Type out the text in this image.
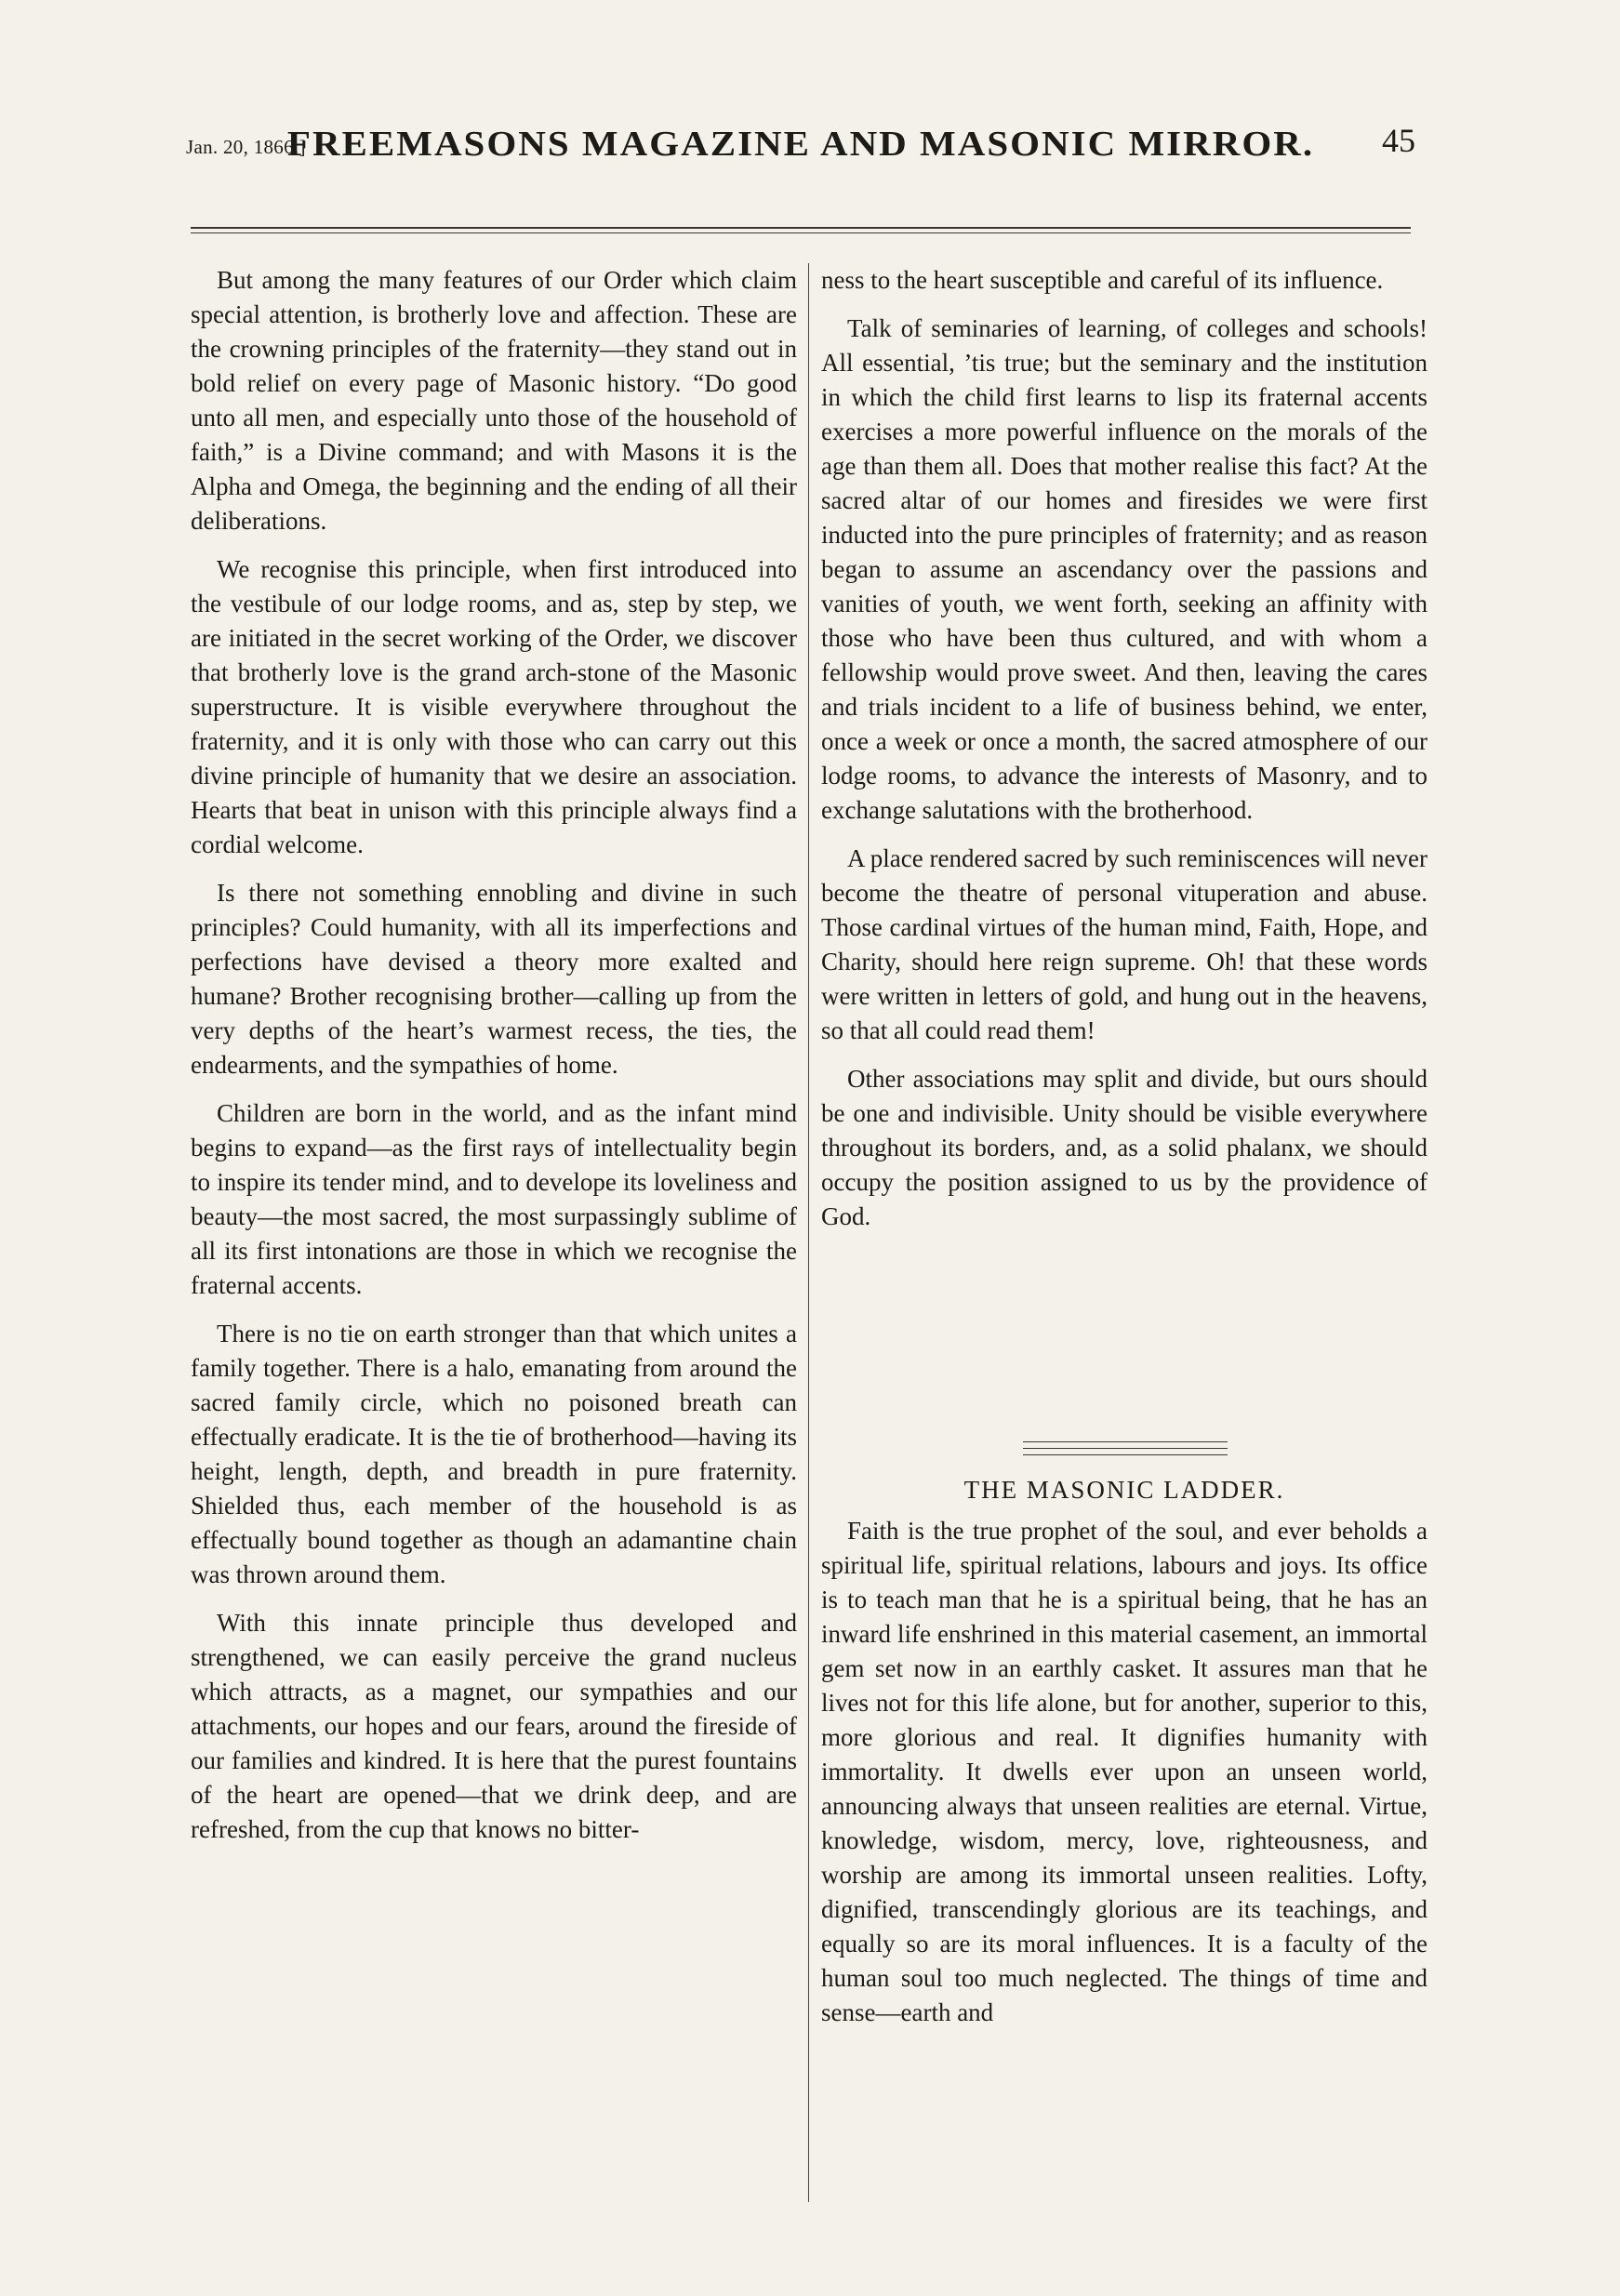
Jan. 20, 1866.]
FREEMASONS MAGAZINE AND MASONIC MIRROR.	45

But among the many features of our Order which claim special attention, is brotherly love and affection. These are the crowning principles of the fraternity—they stand out in bold relief on every page of Masonic history. “Do good unto all men, and especially unto those of the household of faith,” is a Divine command; and with Masons it is the Alpha and Omega, the beginning and the ending of all their deliberations.

We recognise this principle, when first introduced into the vestibule of our lodge rooms, and as, step by step, we are initiated in the secret working of the Order, we discover that brotherly love is the grand arch-stone of the Masonic superstructure. It is visible everywhere throughout the fraternity, and it is only with those who can carry out this divine principle of humanity that we desire an association. Hearts that beat in unison with this principle always find a cordial welcome.

Is there not something ennobling and divine in such principles? Could humanity, with all its imperfections and perfections have devised a theory more exalted and humane? Brother recognising brother—calling up from the very depths of the heart’s warmest recess, the ties, the endearments, and the sympathies of home.

Children are born in the world, and as the infant mind begins to expand—as the first rays of intellectuality begin to inspire its tender mind, and to develope its loveliness and beauty—the most sacred, the most surpassingly sublime of all its first intonations are those in which we recognise the fraternal accents.

There is no tie on earth stronger than that which unites a family together. There is a halo, emanating from around the sacred family circle, which no poisoned breath can effectually eradicate. It is the tie of brotherhood—having its height, length, depth, and breadth in pure fraternity. Shielded thus, each member of the household is as effectually bound together as though an adamantine chain was thrown around them.

With this innate principle thus developed and strengthened, we can easily perceive the grand nucleus which attracts, as a magnet, our sympathies and our attachments, our hopes and our fears, around the fireside of our families and kindred. It is here that the purest fountains of the heart are opened—that we drink deep, and are refreshed, from the cup that knows no bitter-

ness to the heart susceptible and careful of its influence.

Talk of seminaries of learning, of colleges and schools! All essential, ’tis true; but the seminary and the institution in which the child first learns to lisp its fraternal accents exercises a more powerful influence on the morals of the age than them all. Does that mother realise this fact? At the sacred altar of our homes and firesides we were first inducted into the pure principles of fraternity; and as reason began to assume an ascendancy over the passions and vanities of youth, we went forth, seeking an affinity with those who have been thus cultured, and with whom a fellowship would prove sweet. And then, leaving the cares and trials incident to a life of business behind, we enter, once a week or once a month, the sacred atmosphere of our lodge rooms, to advance the interests of Masonry, and to exchange salutations with the brotherhood.

A place rendered sacred by such reminiscences will never become the theatre of personal vituperation and abuse. Those cardinal virtues of the human mind, Faith, Hope, and Charity, should here reign supreme. Oh! that these words were written in letters of gold, and hung out in the heavens, so that all could read them!

Other associations may split and divide, but ours should be one and indivisible. Unity should be visible everywhere throughout its borders, and, as a solid phalanx, we should occupy the position assigned to us by the providence of God.

THE MASONIC LADDER.

Faith is the true prophet of the soul, and ever beholds a spiritual life, spiritual relations, labours and joys. Its office is to teach man that he is a spiritual being, that he has an inward life enshrined in this material casement, an immortal gem set now in an earthly casket. It assures man that he lives not for this life alone, but for another, superior to this, more glorious and real. It dignifies humanity with immortality. It dwells ever upon an unseen world, announcing always that unseen realities are eternal. Virtue, knowledge, wisdom, mercy, love, righteousness, and worship are among its immortal unseen realities. Lofty, dignified, transcendingly glorious are its teachings, and equally so are its moral influences. It is a faculty of the human soul too much neglected. The things of time and sense—earth and
